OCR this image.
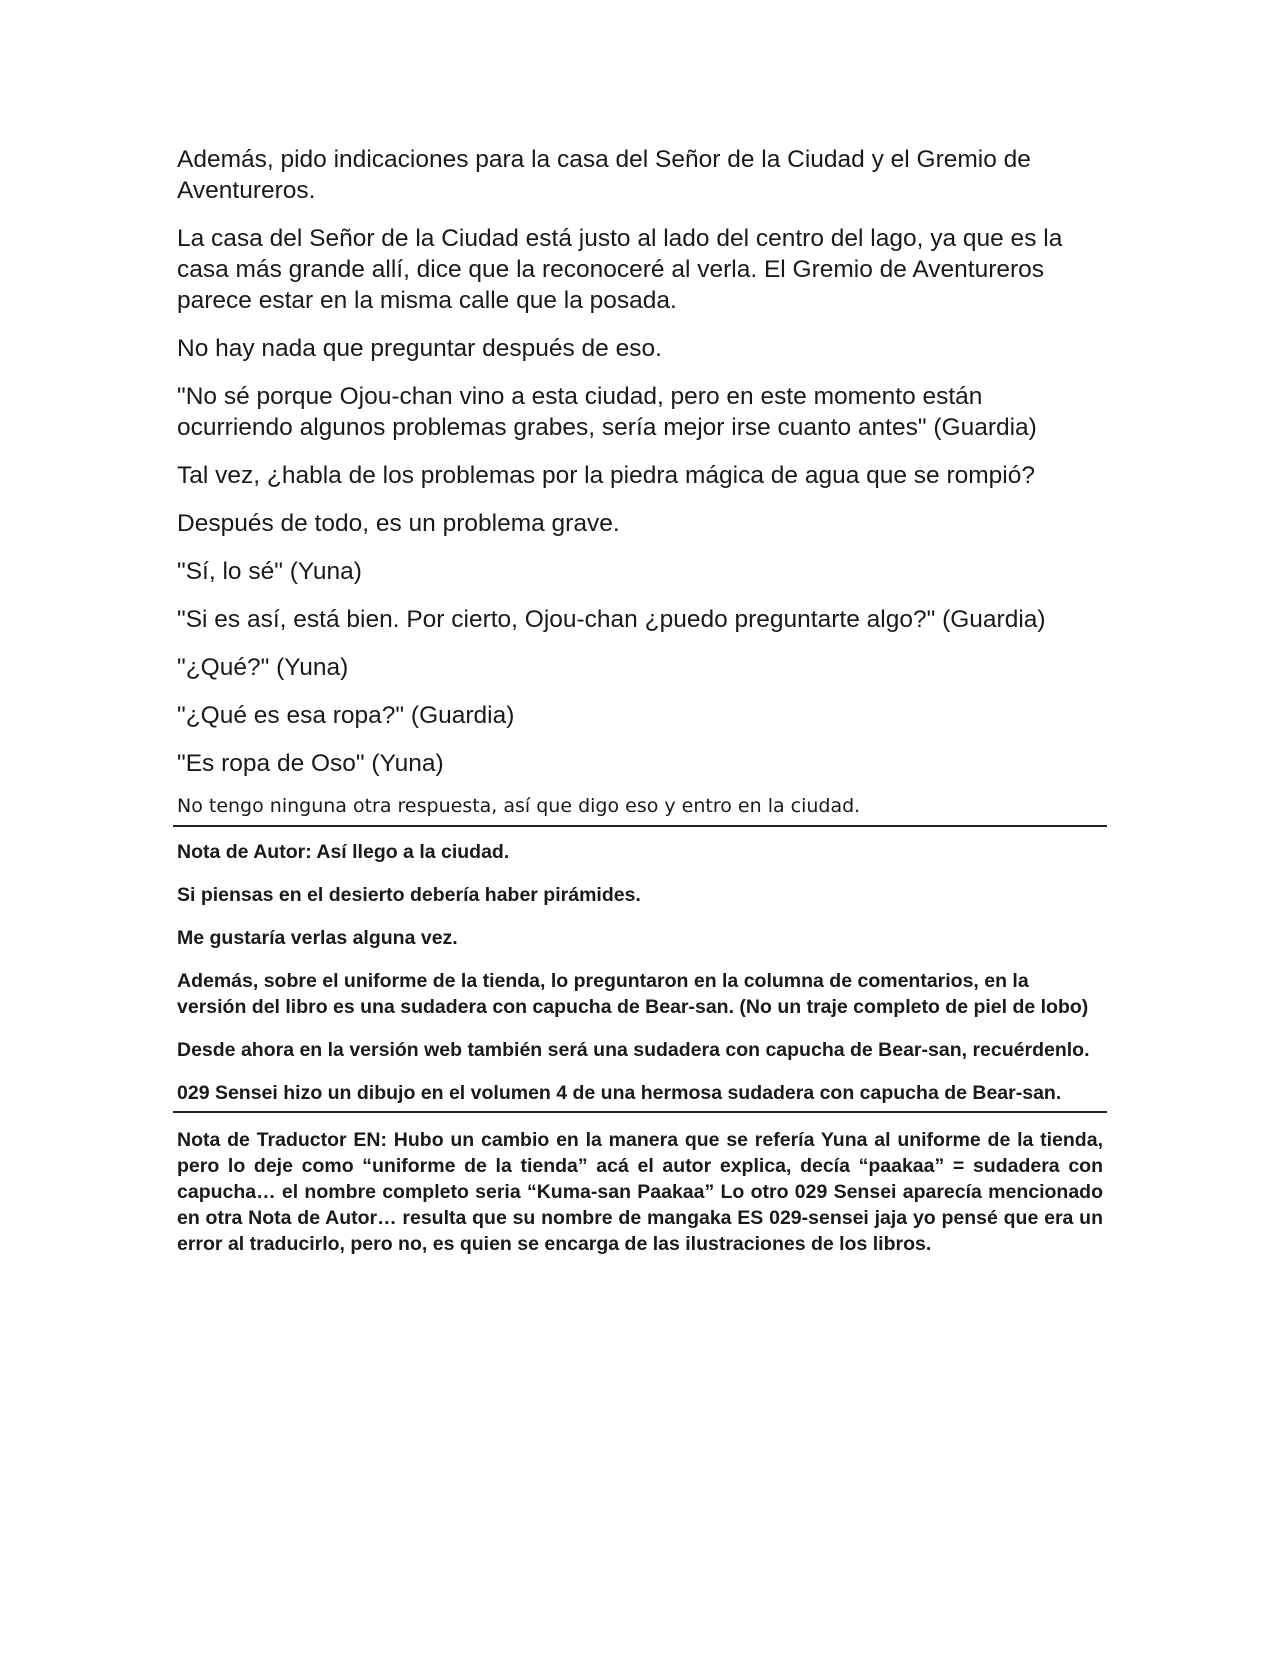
Además, pido indicaciones para la casa del Señor de la Ciudad y el Gremio de Aventureros.

La casa del Señor de la Ciudad está justo al lado del centro del lago, ya que es la casa más grande allí, dice que la reconoceré al verla. El Gremio de Aventureros parece estar en la misma calle que la posada.

No hay nada que preguntar después de eso.

"No sé porque Ojou-chan vino a esta ciudad, pero en este momento están ocurriendo algunos problemas grabes, sería mejor irse cuanto antes" (Guardia)

Tal vez, ¿habla de los problemas por la piedra mágica de agua que se rompió?

Después de todo, es un problema grave.

"Sí, lo sé" (Yuna)

"Si es así, está bien. Por cierto, Ojou-chan ¿puedo preguntarte algo?" (Guardia)

"¿Qué?" (Yuna)

"¿Qué es esa ropa?" (Guardia)

"Es ropa de Oso" (Yuna)

No tengo ninguna otra respuesta, así que digo eso y entro en la ciudad.

Nota de Autor: Así llego a la ciudad.

Si piensas en el desierto debería haber pirámides.

Me gustaría verlas alguna vez.

Además, sobre el uniforme de la tienda, lo preguntaron en la columna de comentarios, en la versión del libro es una sudadera con capucha de Bear-san. (No un traje completo de piel de lobo)

Desde ahora en la versión web también será una sudadera con capucha de Bear-san, recuérdenlo.

029 Sensei hizo un dibujo en el volumen 4 de una hermosa sudadera con capucha de Bear-san.

Nota de Traductor EN: Hubo un cambio en la manera que se refería Yuna al uniforme de la tienda, pero lo deje como “uniforme de la tienda” acá el autor explica, decía “paakaa” = sudadera con capucha… el nombre completo seria “Kuma-san Paakaa” Lo otro 029 Sensei aparecía mencionado en otra Nota de Autor… resulta que su nombre de mangaka ES 029-sensei jaja yo pensé que era un error al traducirlo, pero no, es quien se encarga de las ilustraciones de los libros.
